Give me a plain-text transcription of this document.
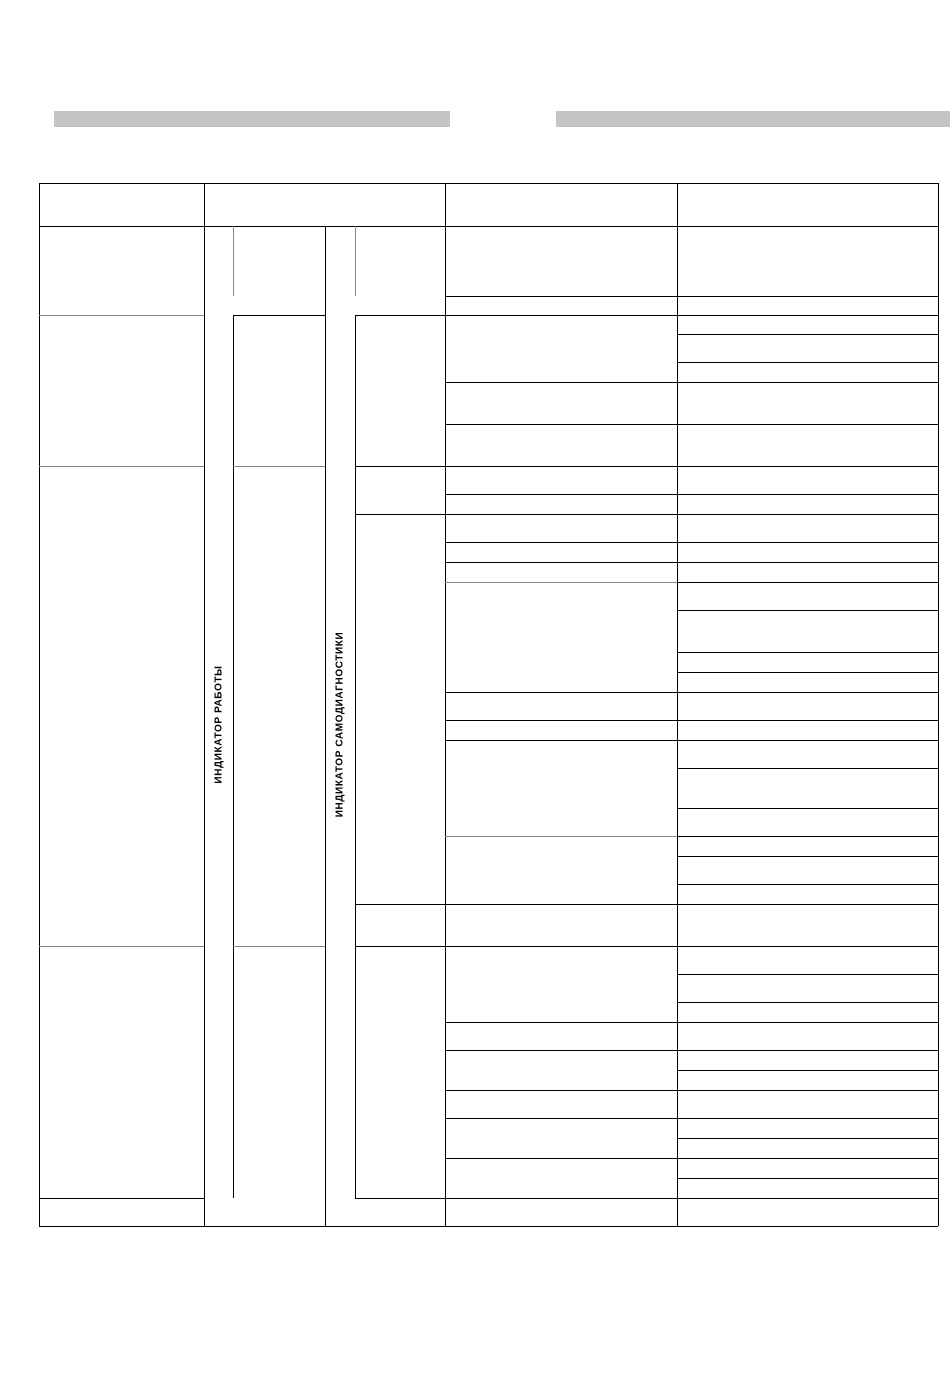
ИНДИКАТОР РАБОТЫ	ИНДИКАТОР САМОДИАГНОСТИКИ
